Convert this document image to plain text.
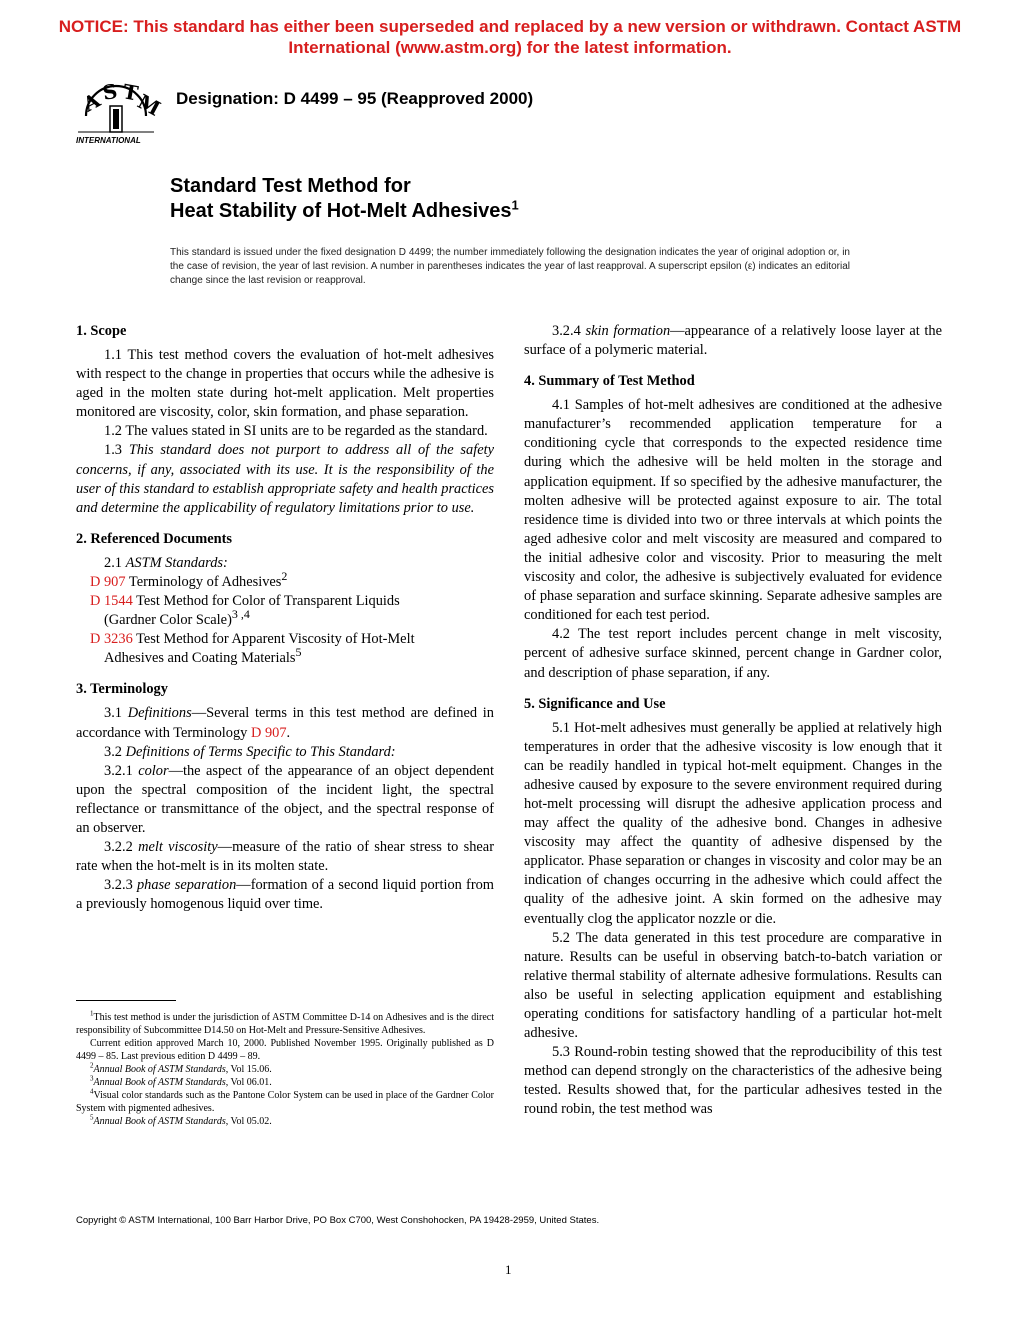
NOTICE: This standard has either been superseded and replaced by a new version or withdrawn. Contact ASTM
International (www.astm.org) for the latest information.
A
S T
M
INTERNATIONAL
Designation: D 4499 – 95 (Reapproved 2000)
Standard Test Method for
Heat Stability of Hot-Melt Adhesives$^1$
This standard is issued under the fixed designation D 4499; the number immediately following the designation indicates the year of original adoption or, in the case of revision, the year of last revision. A number in parentheses indicates the year of last reapproval. A superscript epsilon (ε) indicates an editorial change since the last revision or reapproval.
1. Scope

1.1 This test method covers the evaluation of hot-melt adhesives with respect to the change in properties that occurs while the adhesive is aged in the molten state during hot-melt application. Melt properties monitored are viscosity, color, skin formation, and phase separation.

1.2 The values stated in SI units are to be regarded as the standard.

1.3 This standard does not purport to address all of the safety concerns, if any, associated with its use. It is the responsibility of the user of this standard to establish appropriate safety and health practices and determine the applicability of regulatory limitations prior to use.

2. Referenced Documents

2.1 ASTM Standards:

D 907 Terminology of Adhesives$^2$

D 1544 Test Method for Color of Transparent Liquids
(Gardner Color Scale)$^{3 ,4}$

D 3236 Test Method for Apparent Viscosity of Hot-Melt
Adhesives and Coating Materials$^5$

3. Terminology

3.1 Definitions—Several terms in this test method are defined in accordance with Terminology D 907.

3.2 Definitions of Terms Specific to This Standard:

3.2.1 color—the aspect of the appearance of an object dependent upon the spectral composition of the incident light, the spectral reflectance or transmittance of the object, and the spectral response of an observer.

3.2.2 melt viscosity—measure of the ratio of shear stress to shear rate when the hot-melt is in its molten state.

3.2.3 phase separation—formation of a second liquid portion from a previously homogenous liquid over time.

3.2.4 skin formation—appearance of a relatively loose layer at the surface of a polymeric material.

4. Summary of Test Method

4.1 Samples of hot-melt adhesives are conditioned at the adhesive manufacturer’s recommended application temperature for a conditioning cycle that corresponds to the expected residence time during which the adhesive will be held molten in the storage and application equipment. If so specified by the adhesive manufacturer, the molten adhesive will be protected against exposure to air. The total residence time is divided into two or three intervals at which points the aged adhesive color and melt viscosity are measured and compared to the initial adhesive color and viscosity. Prior to measuring the melt viscosity and color, the adhesive is subjectively evaluated for evidence of phase separation and surface skinning. Separate adhesive samples are conditioned for each test period.

4.2 The test report includes percent change in melt viscosity, percent of adhesive surface skinned, percent change in Gardner color, and description of phase separation, if any.

5. Significance and Use

5.1 Hot-melt adhesives must generally be applied at relatively high temperatures in order that the adhesive viscosity is low enough that it can be readily handled in typical hot-melt equipment. Changes in the adhesive caused by exposure to the severe environment required during hot-melt processing will disrupt the adhesive application process and may affect the quality of the adhesive bond. Changes in adhesive viscosity may affect the quantity of adhesive dispensed by the applicator. Phase separation or changes in viscosity and color may be an indication of changes occurring in the adhesive which could affect the quality of the adhesive joint. A skin formed on the adhesive may eventually clog the applicator nozzle or die.

5.2 The data generated in this test procedure are comparative in nature. Results can be useful in observing batch-to-batch variation or relative thermal stability of alternate adhesive formulations. Results can also be useful in selecting application equipment and establishing operating conditions for satisfactory handling of a particular hot-melt adhesive.

5.3 Round-robin testing showed that the reproducibility of this test method can depend strongly on the characteristics of the adhesive being tested. Results showed that, for the particular adhesives tested in the round robin, the test method was

$^1$This test method is under the jurisdiction of ASTM Committee D-14 on Adhesives and is the direct responsibility of Subcommittee D14.50 on Hot-Melt and Pressure-Sensitive Adhesives.

Current edition approved March 10, 2000. Published November 1995. Originally published as D 4499 – 85. Last previous edition D 4499 – 89.

$^2$Annual Book of ASTM Standards, Vol 15.06.

$^3$Annual Book of ASTM Standards, Vol 06.01.

$^4$Visual color standards such as the Pantone Color System can be used in place of the Gardner Color System with pigmented adhesives.

$^5$Annual Book of ASTM Standards, Vol 05.02.

Copyright © ASTM International, 100 Barr Harbor Drive, PO Box C700, West Conshohocken, PA 19428-2959, United States.
1
